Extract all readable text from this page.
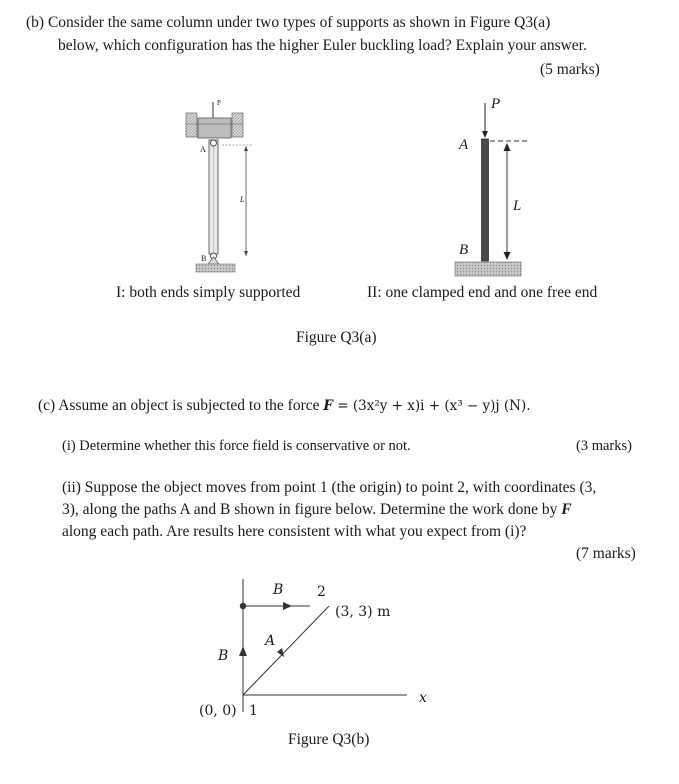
(b) Consider the same column under two types of supports as shown in Figure Q3(a)
below, which configuration has the higher Euler buckling load? Explain your answer.
(5 marks)
P
A
B
L
P
A
B
L
I: both ends simply supported	II: one clamped end and one free end
Figure Q3(a)
(c) Assume an object is subjected to the force F = (3x²y + x)i + (x³ − y)j (N).
(i) Determine whether this force field is conservative or not.	(3 marks)
(ii) Suppose the object moves from point 1 (the origin) to point 2, with coordinates (3,
3), along the paths A and B shown in figure below. Determine the work done by F
along each path. Are results here consistent with what you expect from (i)?
(7 marks)
B 2
(3, 3) m
A
B
x
(0, 0) 1
Figure Q3(b)
